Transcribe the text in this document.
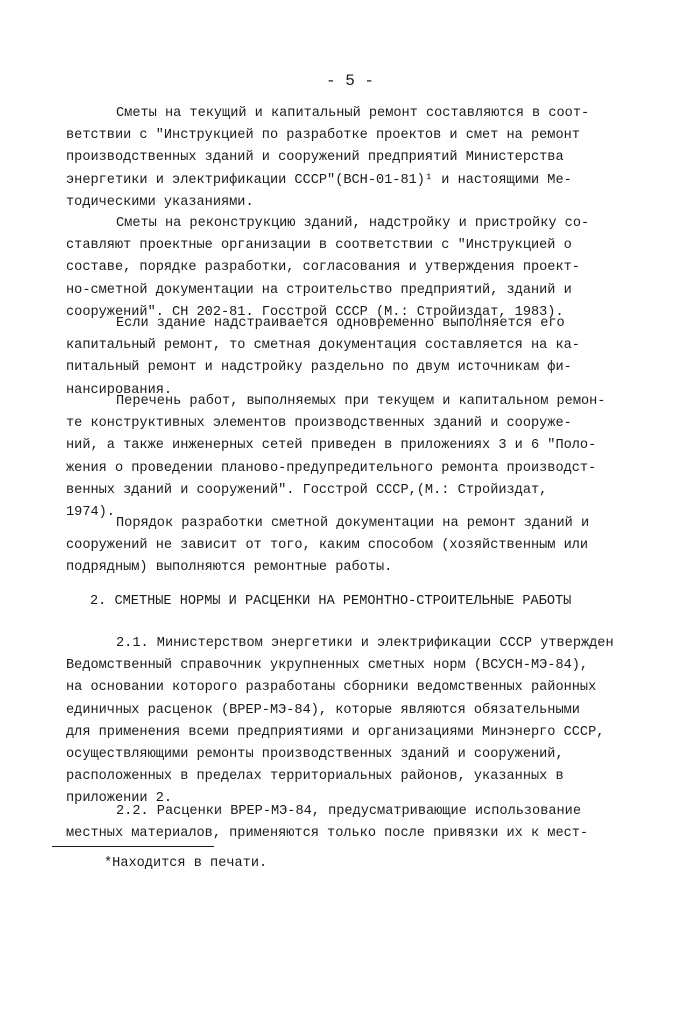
- 5 -
Сметы на текущий и капитальный ремонт составляются в соот-
ветствии с "Инструкцией по разработке проектов и смет на ремонт
производственных зданий и сооружений предприятий Министерства
энергетики и электрификации СССР"(ВСН-01-81)¹ и настоящими Ме-
тодическими указаниями.
Сметы на реконструкцию зданий, надстройку и пристройку со-
ставляют проектные организации в соответствии с "Инструкцией о
составе, порядке разработки, согласования и утверждения проект-
но-сметной документации на строительство предприятий, зданий и
сооружений". СН 202-81. Госстрой СССР (М.: Стройиздат, 1983).
Если здание надстраивается одновременно выполняется его
капитальный ремонт, то сметная документация составляется на ка-
питальный ремонт и надстройку раздельно по двум источникам фи-
нансирования.
Перечень работ, выполняемых при текущем и капитальном ремон-
те конструктивных элементов производственных зданий и сооруже-
ний, а также инженерных сетей приведен в приложениях 3 и 6 "Поло-
жения о проведении планово-предупредительного ремонта производст-
венных зданий и сооружений". Госстрой СССР,(М.: Стройиздат,
1974).
Порядок разработки сметной документации на ремонт зданий и
сооружений не зависит от того, каким способом (хозяйственным или
подрядным) выполняются ремонтные работы.
2. СМЕТНЫЕ НОРМЫ И РАСЦЕНКИ НА РЕМОНТНО-СТРОИТЕЛЬНЫЕ РАБОТЫ
2.1. Министерством энергетики и электрификации СССР утвержден
Ведомственный справочник укрупненных сметных норм (ВСУСН-МЭ-84),
на основании которого разработаны сборники ведомственных районных
единичных расценок (ВРЕР-МЭ-84), которые являются обязательными
для применения всеми предприятиями и организациями Минэнерго СССР,
осуществляющими ремонты производственных зданий и сооружений,
расположенных в пределах территориальных районов, указанных в
приложении 2.
2.2. Расценки ВРЕР-МЭ-84, предусматривающие использование
местных материалов, применяются только после привязки их к мест-
*Находится в печати.
